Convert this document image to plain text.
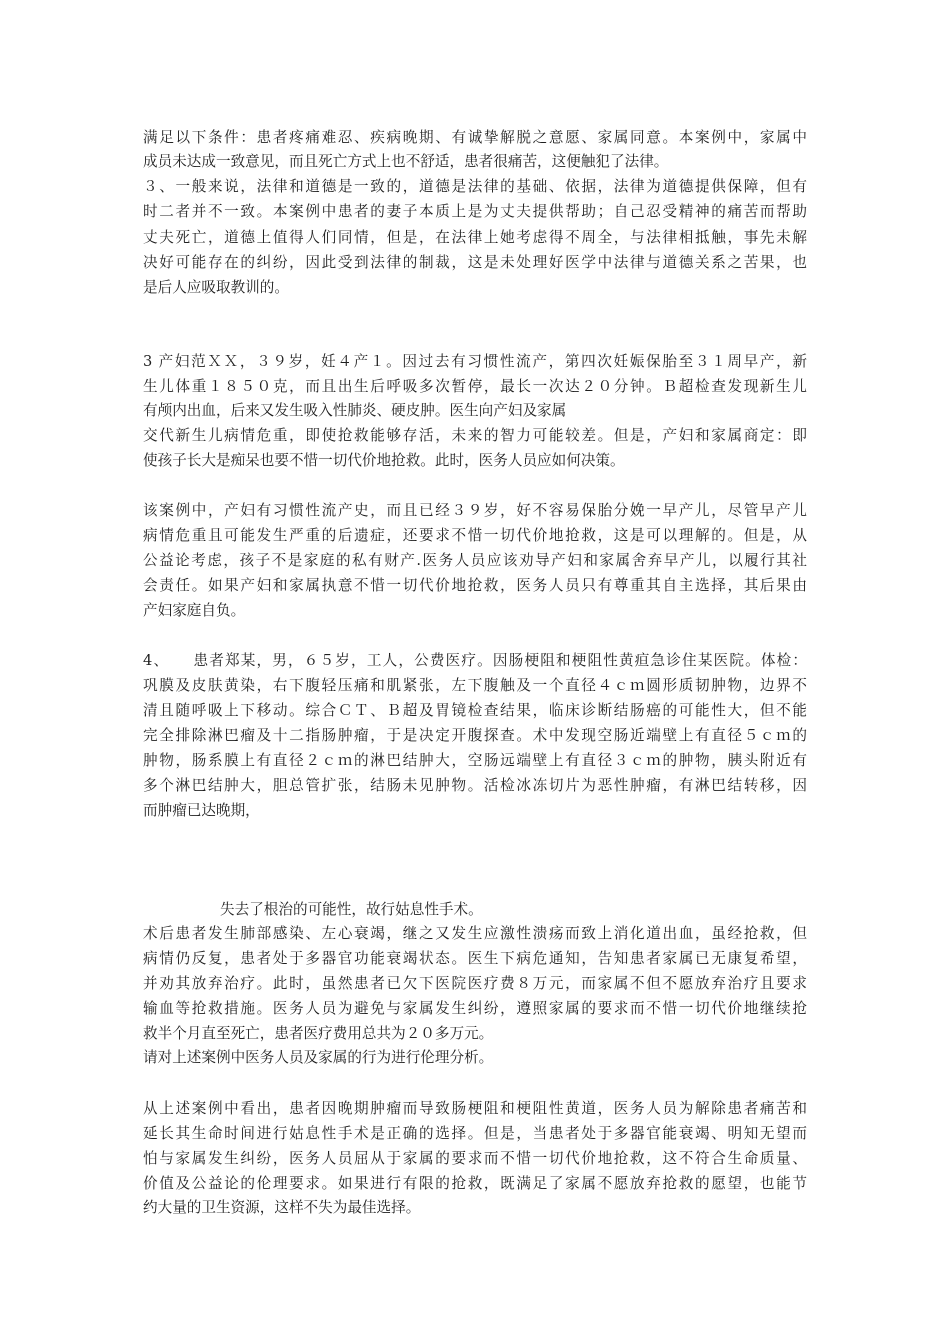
满足以下条件：患者疼痛难忍、疾病晚期、有诚挚解脱之意愿、家属同意。本案例中，家属中
成员未达成一致意见，而且死亡方式上也不舒适，患者很痛苦，这便触犯了法律。
３、一般来说，法律和道德是一致的，道德是法律的基础、依据，法律为道德提供保障，但有
时二者并不一致。本案例中患者的妻子本质上是为丈夫提供帮助；自己忍受精神的痛苦而帮助
丈夫死亡，道德上值得人们同情，但是，在法律上她考虑得不周全，与法律相抵触，事先未解
决好可能存在的纠纷，因此受到法律的制裁，这是未处理好医学中法律与道德关系之苦果，也
是后人应吸取教训的。
3 产妇范ＸＸ，３９岁，妊４产１。因过去有习惯性流产，第四次妊娠保胎至３１周早产，新
生儿体重１８５０克，而且出生后呼吸多次暂停，最长一次达２０分钟。Ｂ超检查发现新生儿
有颅内出血，后来又发生吸入性肺炎、硬皮肿。医生向产妇及家属
交代新生儿病情危重，即使抢救能够存活，未来的智力可能较差。但是，产妇和家属商定：即
使孩子长大是痴呆也要不惜一切代价地抢救。此时，医务人员应如何决策。
该案例中，产妇有习惯性流产史，而且已经３９岁，好不容易保胎分娩一早产儿，尽管早产儿
病情危重且可能发生严重的后遗症，还要求不惜一切代价地抢救，这是可以理解的。但是，从
公益论考虑，孩子不是家庭的私有财产.医务人员应该劝导产妇和家属舍弃早产儿，以履行其社
会责任。如果产妇和家属执意不惜一切代价地抢救，医务人员只有尊重其自主选择，其后果由
产妇家庭自负。
4、　　患者郑某，男，６５岁，工人，公费医疗。因肠梗阻和梗阻性黄疸急诊住某医院。体检：
巩膜及皮肤黄染，右下腹轻压痛和肌紧张，左下腹触及一个直径４ｃｍ圆形质韧肿物，边界不
清且随呼吸上下移动。综合ＣＴ、Ｂ超及胃镜检查结果，临床诊断结肠癌的可能性大，但不能
完全排除淋巴瘤及十二指肠肿瘤，于是决定开腹探查。术中发现空肠近端壁上有直径５ｃｍ的
肿物，肠系膜上有直径２ｃｍ的淋巴结肿大，空肠远端壁上有直径３ｃｍ的肿物，胰头附近有
多个淋巴结肿大，胆总管扩张，结肠未见肿物。活检冰冻切片为恶性肿瘤，有淋巴结转移，因
而肿瘤已达晚期，
失去了根治的可能性，故行姑息性手术。
术后患者发生肺部感染、左心衰竭，继之又发生应激性溃疡而致上消化道出血，虽经抢救，但
病情仍反复，患者处于多器官功能衰竭状态。医生下病危通知，告知患者家属已无康复希望，
并劝其放弃治疗。此时，虽然患者已欠下医院医疗费８万元，而家属不但不愿放弃治疗且要求
输血等抢救措施。医务人员为避免与家属发生纠纷，遵照家属的要求而不惜一切代价地继续抢
救半个月直至死亡，患者医疗费用总共为２０多万元。
请对上述案例中医务人员及家属的行为进行伦理分析。
从上述案例中看出，患者因晚期肿瘤而导致肠梗阻和梗阻性黄道，医务人员为解除患者痛苦和
延长其生命时间进行姑息性手术是正确的选择。但是，当患者处于多器官能衰竭、明知无望而
怕与家属发生纠纷，医务人员屈从于家属的要求而不惜一切代价地抢救，这不符合生命质量、
价值及公益论的伦理要求。如果进行有限的抢救，既满足了家属不愿放弃抢救的愿望，也能节
约大量的卫生资源，这样不失为最佳选择。
